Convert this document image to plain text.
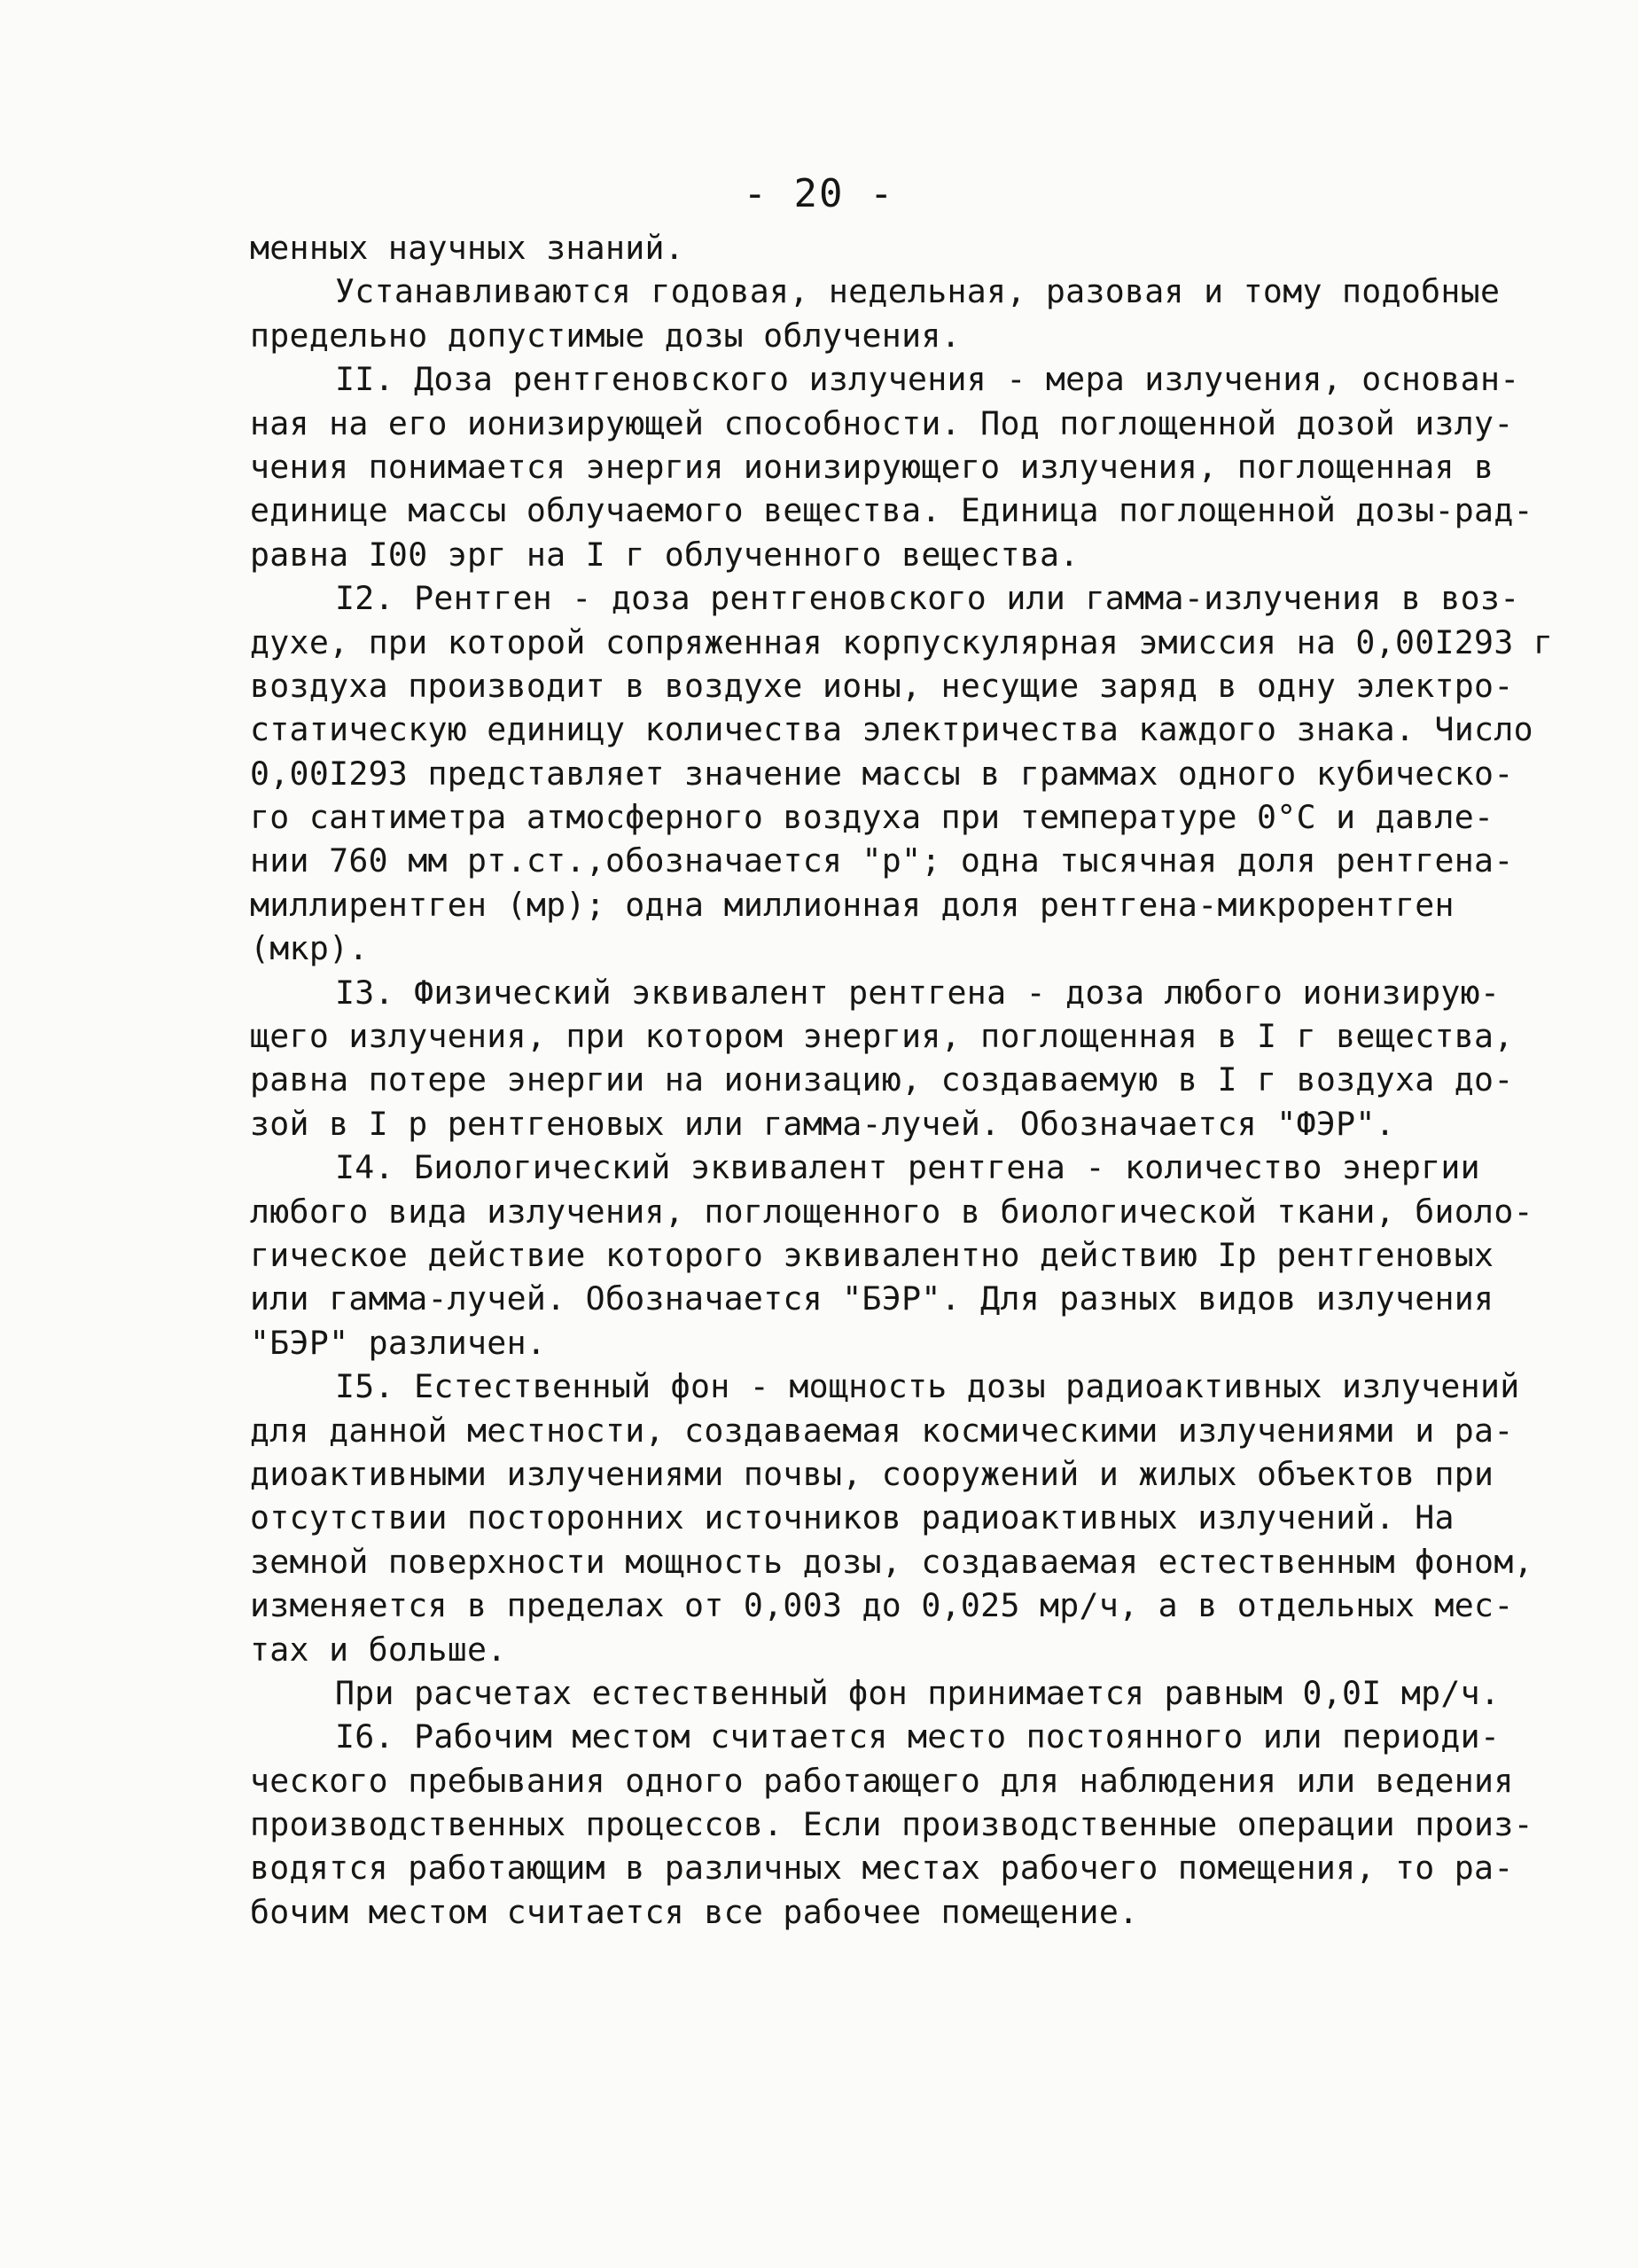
- 20 -
менных научных знаний.
Устанавливаются годовая, недельная, разовая и тому подобные
предельно допустимые дозы облучения.
II. Доза рентгеновского излучения - мера излучения, основан-
ная на его ионизирующей способности. Под поглощенной дозой излу-
чения понимается энергия ионизирующего излучения, поглощенная в
единице массы облучаемого вещества. Единица поглощенной дозы-рад-
равна I00 эрг на I г облученного вещества.
I2. Рентген - доза рентгеновского или гамма-излучения в воз-
духе, при которой сопряженная корпускулярная эмиссия на 0,00I293 г
воздуха производит в воздухе ионы, несущие заряд в одну электро-
статическую единицу количества электричества каждого знака. Число
0,00I293 представляет значение массы в граммах одного кубическо-
го сантиметра атмосферного воздуха при температуре 0°С и давле-
нии 760 мм рт.ст.,обозначается "р"; одна тысячная доля рентгена-
миллирентген (мр); одна миллионная доля рентгена-микрорентген
(мкр).
I3. Физический эквивалент рентгена - доза любого ионизирую-
щего излучения, при котором энергия, поглощенная в I г вещества,
равна потере энергии на ионизацию, создаваемую в I г воздуха до-
зой в I р рентгеновых или гамма-лучей. Обозначается "ФЭР".
I4. Биологический эквивалент рентгена - количество энергии
любого вида излучения, поглощенного в биологической ткани, биоло-
гическое действие которого эквивалентно действию Iр рентгеновых
или гамма-лучей. Обозначается "БЭР". Для разных видов излучения
"БЭР" различен.
I5. Естественный фон - мощность дозы радиоактивных излучений
для данной местности, создаваемая космическими излучениями и ра-
диоактивными излучениями почвы, сооружений и жилых объектов при
отсутствии посторонних источников радиоактивных излучений. На
земной поверхности мощность дозы, создаваемая естественным фоном,
изменяется в пределах от 0,003 до 0,025 мр/ч, а в отдельных мес-
тах и больше.
При расчетах естественный фон принимается равным 0,0I мр/ч.
I6. Рабочим местом считается место постоянного или периоди-
ческого пребывания одного работающего для наблюдения или ведения
производственных процессов. Если производственные операции произ-
водятся работающим в различных местах рабочего помещения, то ра-
бочим местом считается все рабочее помещение.
